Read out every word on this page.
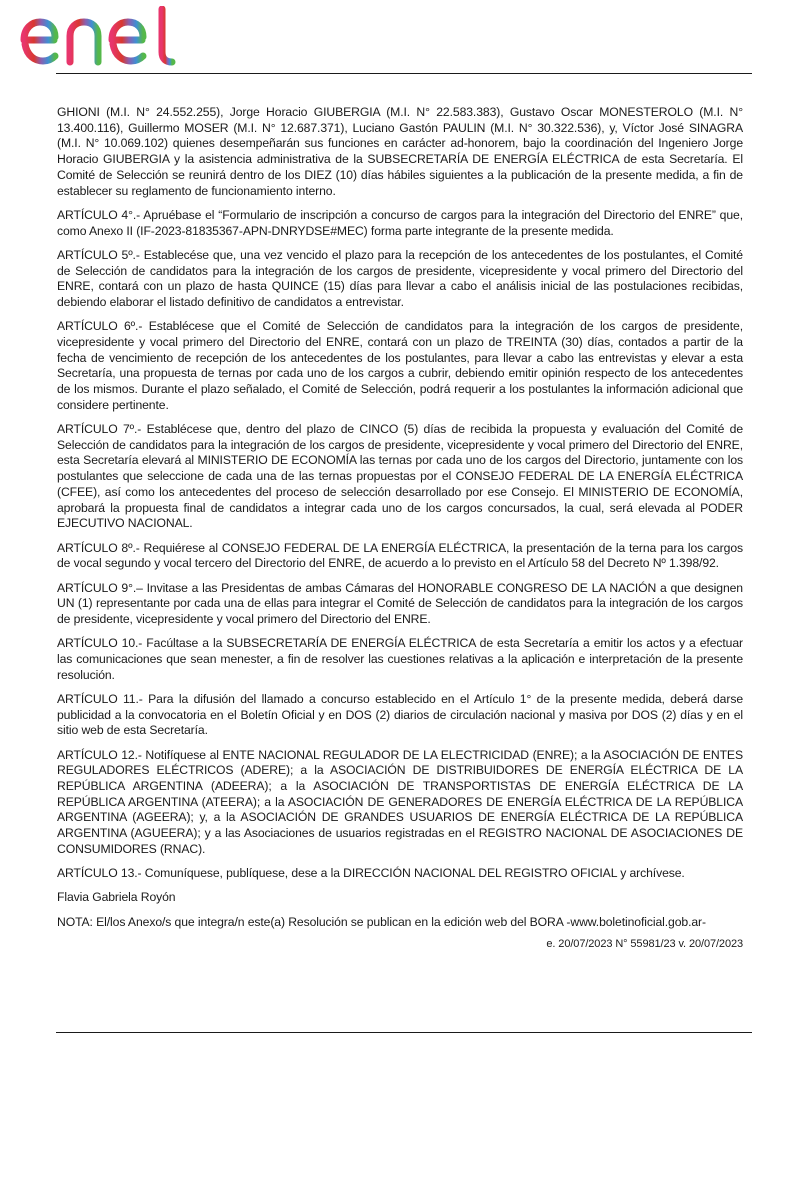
GHIONI (M.I. N° 24.552.255), Jorge Horacio GIUBERGIA (M.I. N° 22.583.383), Gustavo Oscar MONESTEROLO (M.I. N° 13.400.116), Guillermo MOSER (M.I. N° 12.687.371), Luciano Gastón PAULIN (M.I. N° 30.322.536), y, Víctor José SINAGRA (M.I. N° 10.069.102) quienes desempeñarán sus funciones en carácter ad-honorem, bajo la coordinación del Ingeniero Jorge Horacio GIUBERGIA y la asistencia administrativa de la SUBSECRETARÍA DE ENERGÍA ELÉCTRICA de esta Secretaría. El Comité de Selección se reunirá dentro de los DIEZ (10) días hábiles siguientes a la publicación de la presente medida, a fin de establecer su reglamento de funcionamiento interno.

ARTÍCULO 4°.- Apruébase el “Formulario de inscripción a concurso de cargos para la integración del Directorio del ENRE” que, como Anexo II (IF-2023-81835367-APN-DNRYDSE#MEC) forma parte integrante de la presente medida.

ARTÍCULO 5º.- Establecése que, una vez vencido el plazo para la recepción de los antecedentes de los postulantes, el Comité de Selección de candidatos para la integración de los cargos de presidente, vicepresidente y vocal primero del Directorio del ENRE, contará con un plazo de hasta QUINCE (15) días para llevar a cabo el análisis inicial de las postulaciones recibidas, debiendo elaborar el listado definitivo de candidatos a entrevistar.

ARTÍCULO 6º.- Establécese que el Comité de Selección de candidatos para la integración de los cargos de presidente, vicepresidente y vocal primero del Directorio del ENRE, contará con un plazo de TREINTA (30) días, contados a partir de la fecha de vencimiento de recepción de los antecedentes de los postulantes, para llevar a cabo las entrevistas y elevar a esta Secretaría, una propuesta de ternas por cada uno de los cargos a cubrir, debiendo emitir opinión respecto de los antecedentes de los mismos. Durante el plazo señalado, el Comité de Selección, podrá requerir a los postulantes la información adicional que considere pertinente.

ARTÍCULO 7º.- Establécese que, dentro del plazo de CINCO (5) días de recibida la propuesta y evaluación del Comité de Selección de candidatos para la integración de los cargos de presidente, vicepresidente y vocal primero del Directorio del ENRE, esta Secretaría elevará al MINISTERIO DE ECONOMÍA las ternas por cada uno de los cargos del Directorio, juntamente con los postulantes que seleccione de cada una de las ternas propuestas por el CONSEJO FEDERAL DE LA ENERGÍA ELÉCTRICA (CFEE), así como los antecedentes del proceso de selección desarrollado por ese Consejo. El MINISTERIO DE ECONOMÍA, aprobará la propuesta final de candidatos a integrar cada uno de los cargos concursados, la cual, será elevada al PODER EJECUTIVO NACIONAL.

ARTÍCULO 8º.- Requiérese al CONSEJO FEDERAL DE LA ENERGÍA ELÉCTRICA, la presentación de la terna para los cargos de vocal segundo y vocal tercero del Directorio del ENRE, de acuerdo a lo previsto en el Artículo 58 del Decreto Nº 1.398/92.

ARTÍCULO 9°.– Invitase a las Presidentas de ambas Cámaras del HONORABLE CONGRESO DE LA NACIÓN a que designen UN (1) representante por cada una de ellas para integrar el Comité de Selección de candidatos para la integración de los cargos de presidente, vicepresidente y vocal primero del Directorio del ENRE.

ARTÍCULO 10.- Facúltase a la SUBSECRETARÍA DE ENERGÍA ELÉCTRICA de esta Secretaría a emitir los actos y a efectuar las comunicaciones que sean menester, a fin de resolver las cuestiones relativas a la aplicación e interpretación de la presente resolución.

ARTÍCULO 11.- Para la difusión del llamado a concurso establecido en el Artículo 1° de la presente medida, deberá darse publicidad a la convocatoria en el Boletín Oficial y en DOS (2) diarios de circulación nacional y masiva por DOS (2) días y en el sitio web de esta Secretaría.

ARTÍCULO 12.- Notifíquese al ENTE NACIONAL REGULADOR DE LA ELECTRICIDAD (ENRE); a la ASOCIACIÓN DE ENTES REGULADORES ELÉCTRICOS (ADERE); a la ASOCIACIÓN DE DISTRIBUIDORES DE ENERGÍA ELÉCTRICA DE LA REPÚBLICA ARGENTINA (ADEERA); a la ASOCIACIÓN DE TRANSPORTISTAS DE ENERGÍA ELÉCTRICA DE LA REPÚBLICA ARGENTINA (ATEERA); a la ASOCIACIÓN DE GENERADORES DE ENERGÍA ELÉCTRICA DE LA REPÚBLICA ARGENTINA (AGEERA); y, a la ASOCIACIÓN DE GRANDES USUARIOS DE ENERGÍA ELÉCTRICA DE LA REPÚBLICA ARGENTINA (AGUEERA); y a las Asociaciones de usuarios registradas en el REGISTRO NACIONAL DE ASOCIACIONES DE CONSUMIDORES (RNAC).

ARTÍCULO 13.- Comuníquese, publíquese, dese a la DIRECCIÓN NACIONAL DEL REGISTRO OFICIAL y archívese.

Flavia Gabriela Royón

NOTA: El/los Anexo/s que integra/n este(a) Resolución se publican en la edición web del BORA -www.boletinoficial.gob.ar-

e. 20/07/2023 N° 55981/23 v. 20/07/2023
